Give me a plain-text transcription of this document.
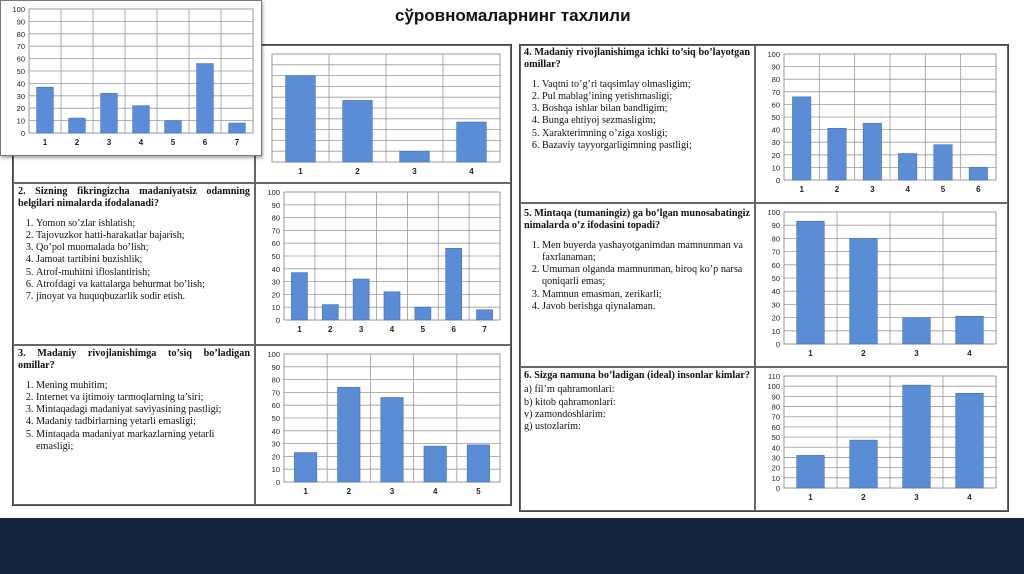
сўровномаларнинг тахлили
2. Sizning fikringizcha madaniyatsiz odamning belgilari nimalarda ifodalanadi?
1. Yomon so’zlar ishlatish;
2. Tajovuzkor hatti-harakatlar bajarish;
3. Qo’pol muomalada bo’lish;
4. Jamoat tartibini buzishlik;
5. Atrof-muhitni ifloslantirish;
6. Atrofdagi va kattalarga behurmat bo’lish;
7. jinoyat va huquqbuzarlik sodir etish.
3. Madaniy rivojlanishimga to’siq bo’ladigan omillar?
1. Mening muhitim;
2. Internet va ijtimoiy tarmoqlarning ta’siri;
3. Mintaqadagi madaniyat saviyasining pastligi;
4. Madaniy tadbirlarning yetarli emasligi;
5. Mintaqada madaniyat markazlarning yetarli emasligi;
4. Madaniy rivojlanishimga ichki to’siq bo’layotgan omillar?
1. Vaqtni to’g’ri taqsimlay olmasligim;
2. Pul mablag’ining yetishmasligi;
3. Boshqa ishlar bilan bandligim;
4. Bunga ehtiyoj sezmasligim;
5. Xarakterimning o’ziga xosligi;
6. Bazaviy tayyorgarligimning pastligi;
5. Mintaqa (tumaningiz) ga bo’lgan munosabatingiz nimalarda o’z ifodasini topadi?
1. Men buyerda yashayotganimdan mamnunman va faxrlanaman;
2. Umuman olganda mamnunman, biroq ko’p narsa qoniqarli emas;
3. Mamnun emasman, zerikarli;
4. Javob berishga qiynalaman.
6. Sizga namuna bo’ladigan (ideal) insonlar kimlar?
a) fil’m qahramonlari:
b) kitob qahramonlari:
v) zamondoshlarim:
g) ustozlarim:
1	2	3	4
0
10
20
30
40
50
60
70
80
90
100
1	2	3	4	5	6	7
0
10
20
30
40
50
60
70
80
90
100
1	2	3	4	5
0
10
20
30
40
50
60
70
80
90
100
1	2	3	4	5	6
0
10
20
30
40
50
60
70
80
90
100
1	2	3	4
0
10
20
30
40
50
60
70
80
90
100
110
1	2	3	4
0
10
20
30
40
50
60
70
80
90
100
1	2	3	4	5	6	7
